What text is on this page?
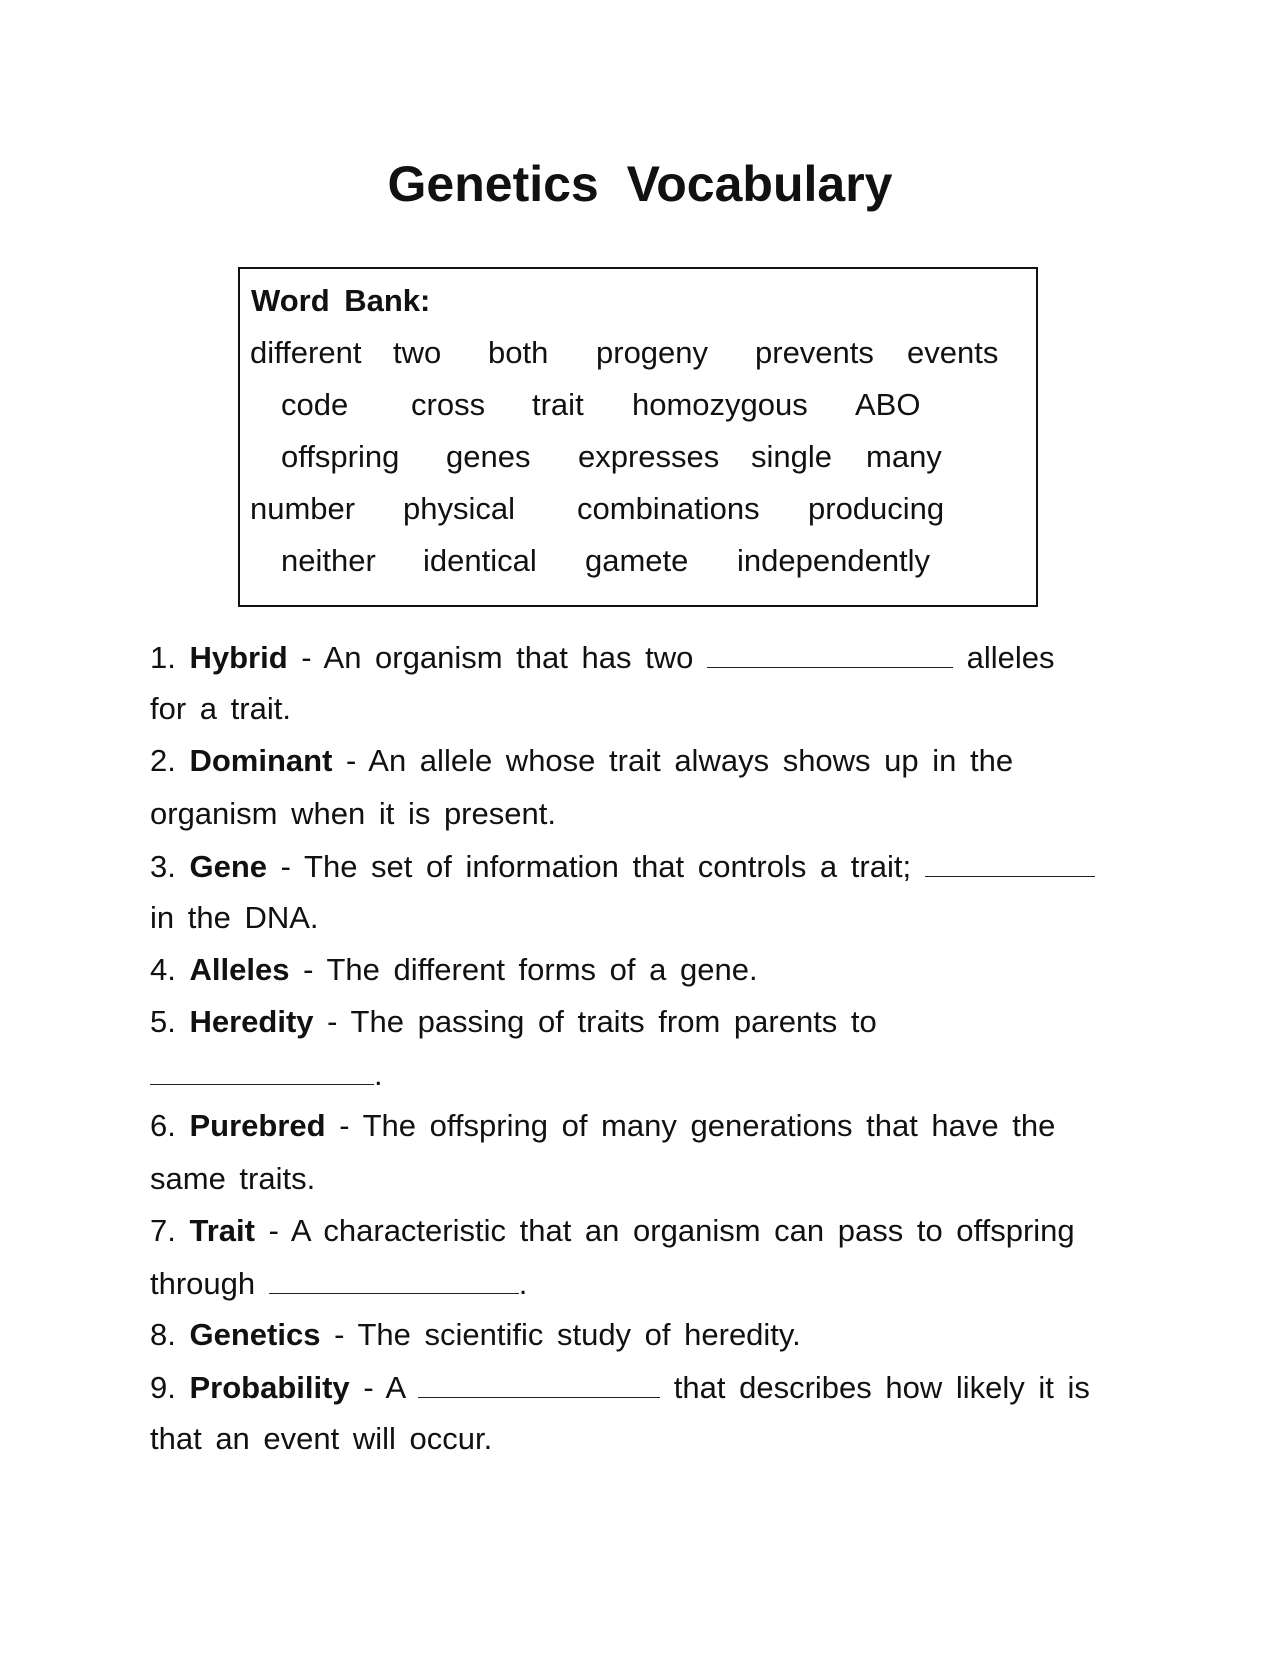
Genetics Vocabulary
Word Bank:
different two both progeny prevents events
code cross trait homozygous ABO
offspring genes expresses single many
number physical combinations producing
neither identical gamete independently
1. Hybrid - An organism that has two	alleles
for a trait.
2. Dominant - An allele whose trait always shows up in the
organism when it is present.
3. Gene - The set of information that controls a trait;
in the DNA.
4. Alleles - The different forms of a gene.
5. Heredity - The passing of traits from parents to
.
6. Purebred - The offspring of many generations that have the
same traits.
7. Trait - A characteristic that an organism can pass to offspring
through	.
8. Genetics - The scientific study of heredity.
9. Probability - A	that describes how likely it is
that an event will occur.
